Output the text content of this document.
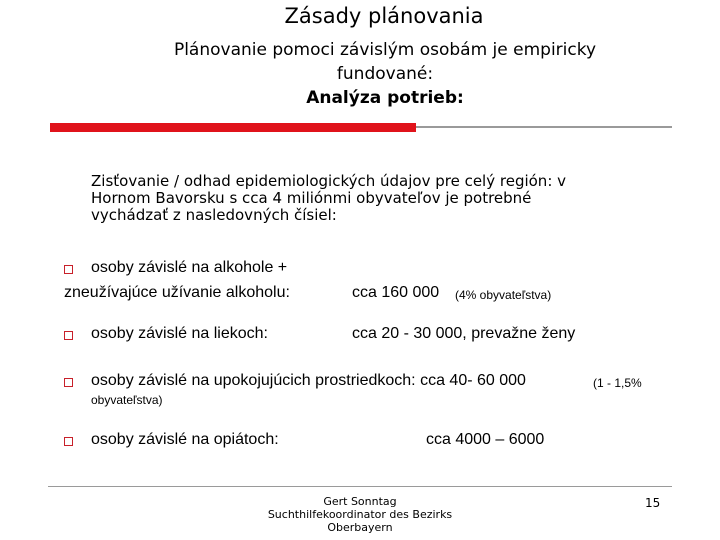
Zásady plánovania
Plánovanie pomoci závislým osobám je empiricky
fundované:
Analýza potrieb:
Zisťovanie / odhad epidemiologických údajov pre celý región: v
Hornom Bavorsku s cca 4 miliónmi obyvateľov je potrebné
vychádzať z nasledovných čísiel:
osoby závislé na alkohole +
zneužívajúce užívanie alkoholu:	cca 160 000 (4% obyvateľstva)
osoby závislé na liekoch:	cca 20 - 30 000, prevažne ženy
osoby závislé na upokojujúcich prostriedkoch: cca 40- 60 000	(1 - 1,5%
obyvateľstva)
osoby závislé na opiátoch:	cca 4000 – 6000
Gert Sonntag
Suchthilfekoordinator des Bezirks
Oberbayern
15
